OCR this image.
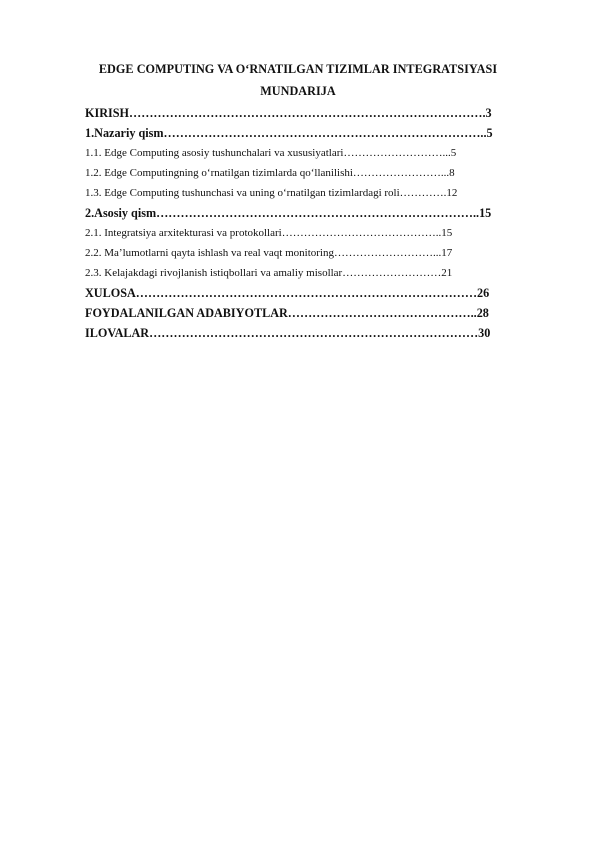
EDGE COMPUTING VA O‘RNATILGAN TIZIMLAR INTEGRATSIYASI
MUNDARIJA
KIRISH…………………………………………………………………………….3
1.Nazariy qism……………………………………………………………………..5
1.1. Edge Computing asosiy tushunchalari va xususiyatlari………………………...5
1.2. Edge Computingning o‘rnatilgan tizimlarda qo‘llanilishi……………………...8
1.3. Edge Computing tushunchasi va uning o‘rnatilgan tizimlardagi roli………….12
2.Asosiy qism……………………………………………………………………..15
2.1. Integratsiya arxitekturasi va protokollari……………………………………..15
2.2. Ma’lumotlarni qayta ishlash va real vaqt monitoring………………………...17
2.3. Kelajakdagi rivojlanish istiqbollari va amaliy misollar………………………21
XULOSA…………………………………………………………………………26
FOYDALANILGAN ADABIYOTLAR………………………………………..28
ILOVALAR………………………………………………………………………30
